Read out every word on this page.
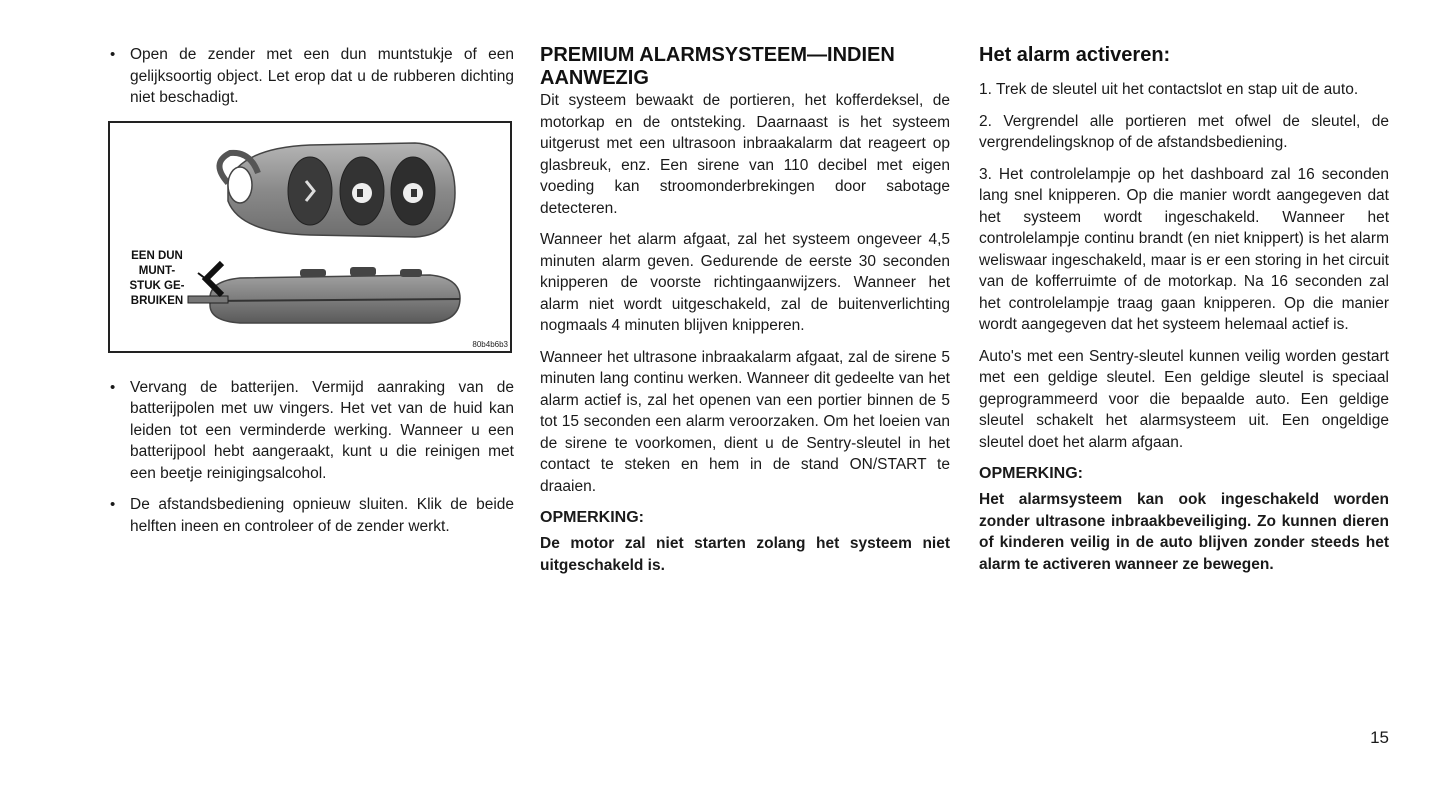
• Open de zender met een dun muntstukje of een gelijksoortig object. Let erop dat u de rubberen dichting niet beschadigt.
EEN DUN
MUNT-
STUK GE-
BRUIKEN
80b4b6b3
• Vervang de batterijen. Vermijd aanraking van de batterijpolen met uw vingers. Het vet van de huid kan leiden tot een verminderde werking. Wanneer u een batterijpool hebt aangeraakt, kunt u die reinigen met een beetje reinigingsalcohol.
• De afstandsbediening opnieuw sluiten. Klik de beide helften ineen en controleer of de zender werkt.
PREMIUM ALARMSYSTEEM—INDIEN AANWEZIG

Dit systeem bewaakt de portieren, het kofferdeksel, de motorkap en de ontsteking. Daarnaast is het systeem uitgerust met een ultrasoon inbraakalarm dat reageert op glasbreuk, enz. Een sirene van 110 decibel met eigen voeding kan stroomonderbrekingen door sabotage detecteren.

Wanneer het alarm afgaat, zal het systeem ongeveer 4,5 minuten alarm geven. Gedurende de eerste 30 seconden knipperen de voorste richtingaanwijzers. Wanneer het alarm niet wordt uitgeschakeld, zal de buitenverlichting nogmaals 4 minuten blijven knipperen.

Wanneer het ultrasone inbraakalarm afgaat, zal de sirene 5 minuten lang continu werken. Wanneer dit gedeelte van het alarm actief is, zal het openen van een portier binnen de 5 tot 15 seconden een alarm veroorzaken. Om het loeien van de sirene te voorkomen, dient u de Sentry-sleutel in het contact te steken en hem in de stand ON/START te draaien.

OPMERKING:

De motor zal niet starten zolang het systeem niet uitgeschakeld is.

Het alarm activeren:

1. Trek de sleutel uit het contactslot en stap uit de auto.

2. Vergrendel alle portieren met ofwel de sleutel, de vergrendelingsknop of de afstandsbediening.

3. Het controlelampje op het dashboard zal 16 seconden lang snel knipperen. Op die manier wordt aangegeven dat het systeem wordt ingeschakeld. Wanneer het controlelampje continu brandt (en niet knippert) is het alarm weliswaar ingeschakeld, maar is er een storing in het circuit van de kofferruimte of de motorkap. Na 16 seconden zal het controlelampje traag gaan knipperen. Op die manier wordt aangegeven dat het systeem helemaal actief is.

Auto's met een Sentry-sleutel kunnen veilig worden gestart met een geldige sleutel. Een geldige sleutel is speciaal geprogrammeerd voor die bepaalde auto. Een geldige sleutel schakelt het alarmsysteem uit. Een ongeldige sleutel doet het alarm afgaan.

OPMERKING:

Het alarmsysteem kan ook ingeschakeld worden zonder ultrasone inbraakbeveiliging. Zo kunnen dieren of kinderen veilig in de auto blijven zonder steeds het alarm te activeren wanneer ze bewegen.

15
